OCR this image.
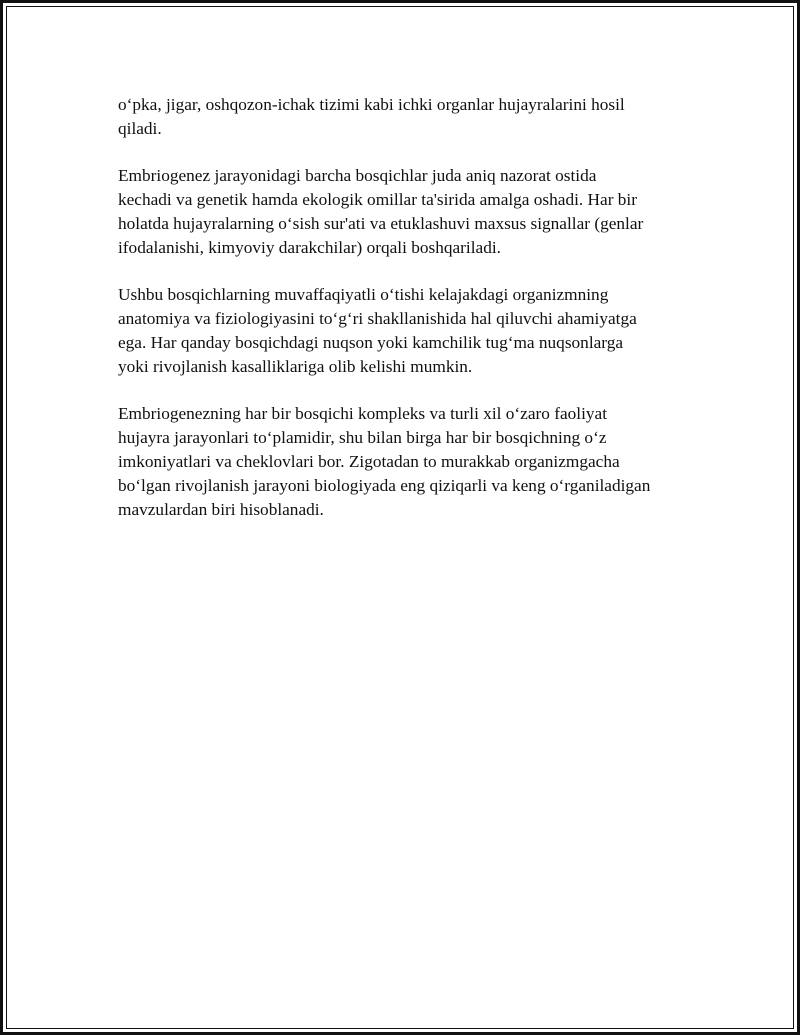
o‘pka, jigar, oshqozon-ichak tizimi kabi ichki organlar hujayralarini hosil
qiladi.

Embriogenez jarayonidagi barcha bosqichlar juda aniq nazorat ostida
kechadi va genetik hamda ekologik omillar ta'sirida amalga oshadi. Har bir
holatda hujayralarning o‘sish sur'ati va etuklashuvi maxsus signallar (genlar
ifodalanishi, kimyoviy darakchilar) orqali boshqariladi.

Ushbu bosqichlarning muvaffaqiyatli o‘tishi kelajakdagi organizmning
anatomiya va fiziologiyasini to‘g‘ri shakllanishida hal qiluvchi ahamiyatga
ega. Har qanday bosqichdagi nuqson yoki kamchilik tug‘ma nuqsonlarga
yoki rivojlanish kasalliklariga olib kelishi mumkin.

Embriogenezning har bir bosqichi kompleks va turli xil o‘zaro faoliyat
hujayra jarayonlari to‘plamidir, shu bilan birga har bir bosqichning o‘z
imkoniyatlari va cheklovlari bor. Zigotadan to murakkab organizmgacha
bo‘lgan rivojlanish jarayoni biologiyada eng qiziqarli va keng o‘rganiladigan
mavzulardan biri hisoblanadi.
